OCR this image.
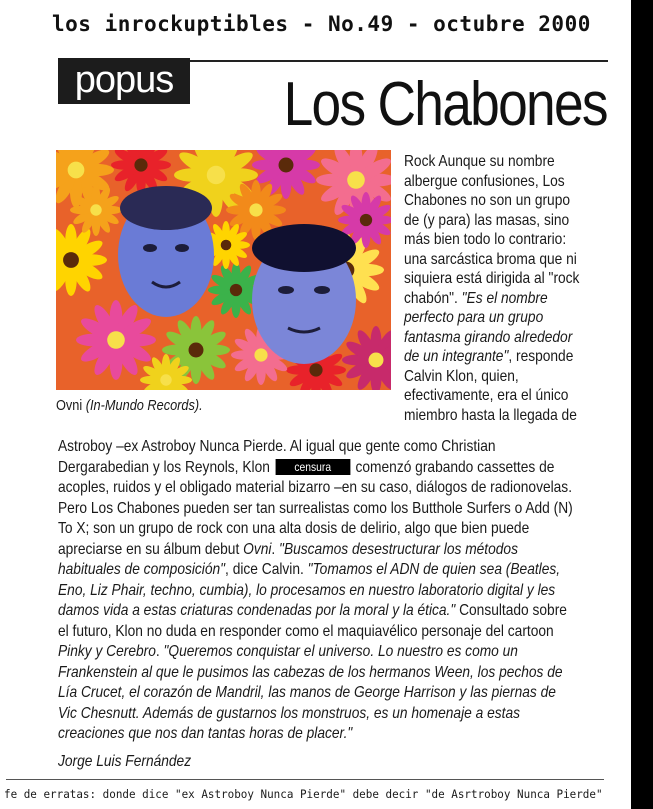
los inrockuptibles - No.49 - octubre 2000
popus Los Chabones
Ovni (In-Mundo Records).
Rock Aunque su nombre
albergue confusiones, Los
Chabones no son un grupo
de (y para) las masas, sino
más bien todo lo contrario:
una sarcástica broma que ni
siquiera está dirigida al "rock
chabón". "Es el nombre
perfecto para un grupo
fantasma girando alrededor
de un integrante", responde
Calvin Klon, quien,
efectivamente, era el único
miembro hasta la llegada de
Astroboy –ex Astroboy Nunca Pierde. Al igual que gente como Christian
Dergarabedian y los Reynols, Klon censura comenzó grabando cassettes de
acoples, ruidos y el obligado material bizarro –en su caso, diálogos de radionovelas.
Pero Los Chabones pueden ser tan surrealistas como los Butthole Surfers o Add (N)
To X; son un grupo de rock con una alta dosis de delirio, algo que bien puede
apreciarse en su álbum debut Ovni. "Buscamos desestructurar los métodos
habituales de composición", dice Calvin. "Tomamos el ADN de quien sea (Beatles,
Eno, Liz Phair, techno, cumbia), lo procesamos en nuestro laboratorio digital y les
damos vida a estas criaturas condenadas por la moral y la ética." Consultado sobre
el futuro, Klon no duda en responder como el maquiavélico personaje del cartoon
Pinky y Cerebro. "Queremos conquistar el universo. Lo nuestro es como un
Frankenstein al que le pusimos las cabezas de los hermanos Ween, los pechos de
Lía Crucet, el corazón de Mandril, las manos de George Harrison y las piernas de
Vic Chesnutt. Además de gustarnos los monstruos, es un homenaje a estas
creaciones que nos dan tantas horas de placer."
Jorge Luis Fernández
fe de erratas: donde dice "ex Astroboy Nunca Pierde" debe decir "de Asrtroboy Nunca Pierde"
